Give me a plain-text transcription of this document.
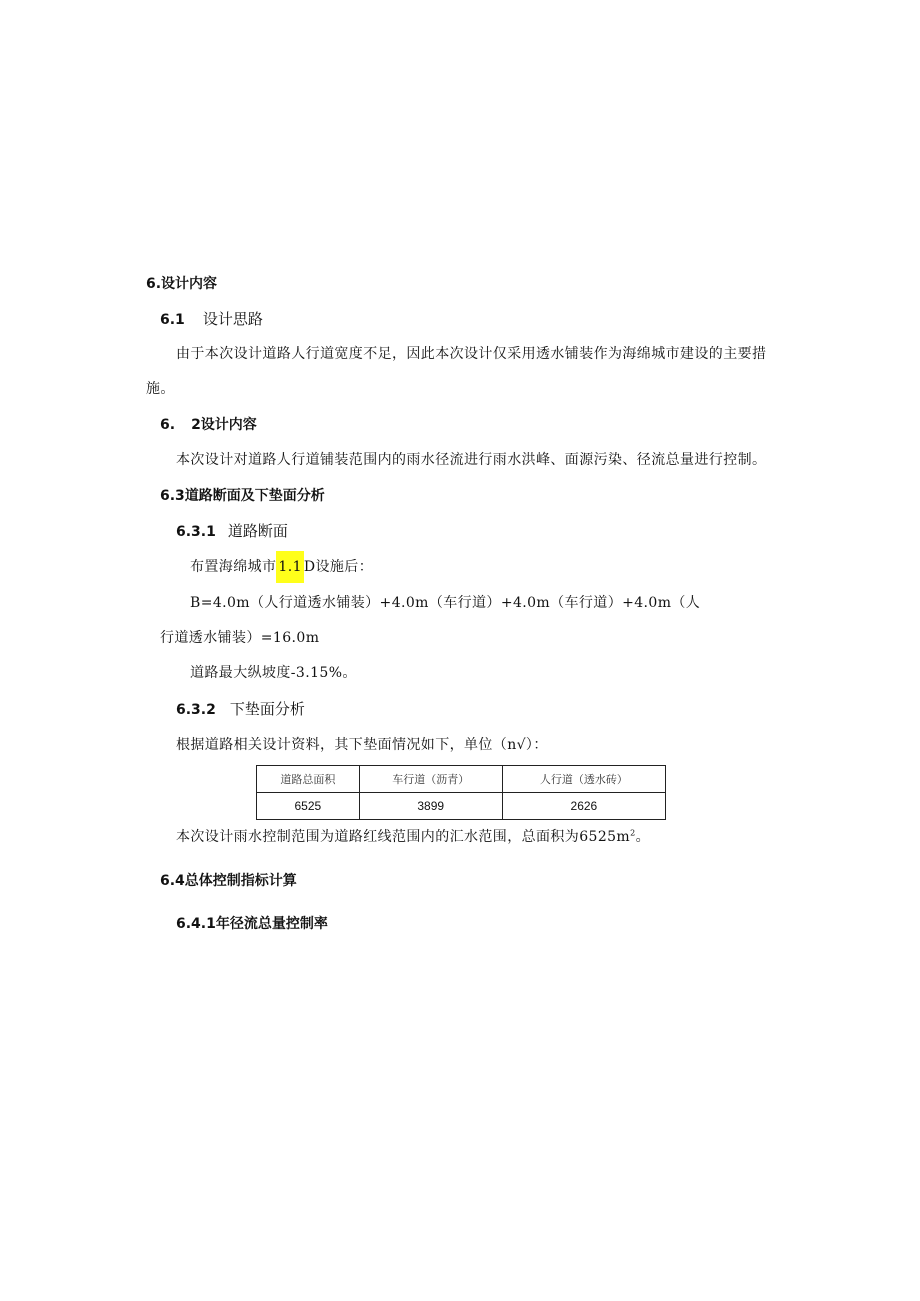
6.设计内容
6.1 设计思路
由于本次设计道路人行道宽度不足，因此本次设计仅采用透水铺装作为海绵城市建设的主要措
施。
6. 2设计内容
本次设计对道路人行道铺装范围内的雨水径流进行雨水洪峰、面源污染、径流总量进行控制。
6.3道路断面及下垫面分析
6.3.1 道路断面
布置海绵城市 1.1 D设施后：
B=4.0m（人行道透水铺装）+4.0m（车行道）+4.0m（车行道）+4.0m（人
行道透水铺装）=16.0m
道路最大纵坡度-3.15%。
6.3.2 下垫面分析
根据道路相关设计资料，其下垫面情况如下，单位（n√）：
道路总面积	车行道（沥青）	人行道（透水砖）
6525	3899	2626
本次设计雨水控制范围为道路红线范围内的汇水范围，总面积为$6525m^2$。
6.4总体控制指标计算
6.4.1年径流总量控制率
